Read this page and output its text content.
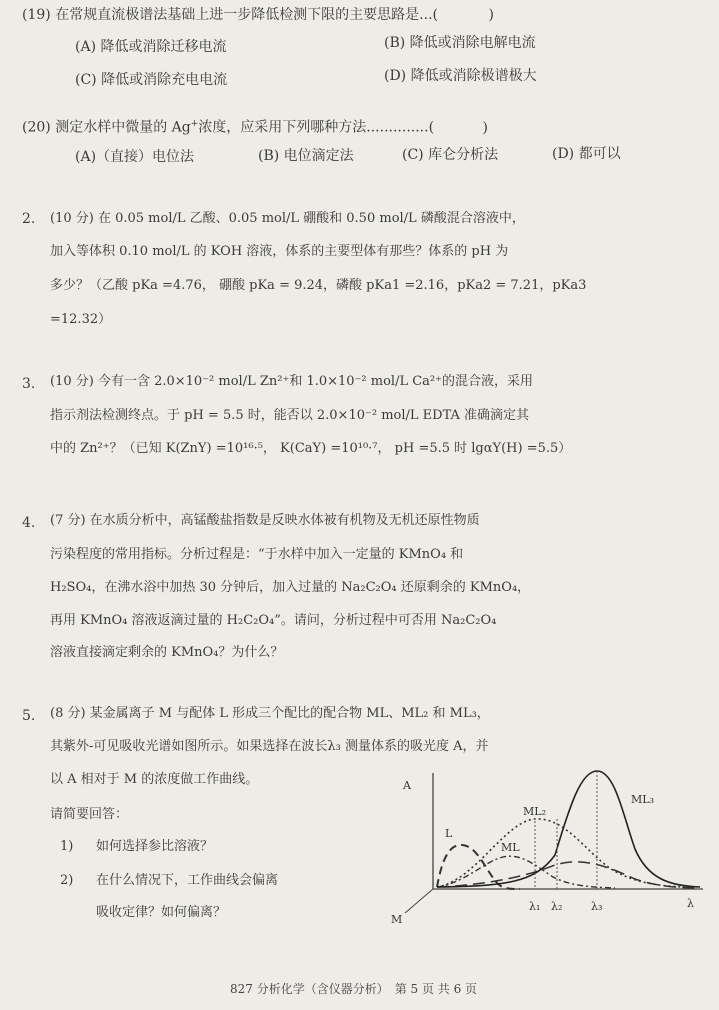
(19) 在常规直流极谱法基础上进一步降低检测下限的主要思路是...(	)
(A) 降低或消除迁移电流	(B) 降低或消除电解电流
(C) 降低或消除充电电流	(D) 降低或消除极谱极大
(20) 测定水样中微量的 Ag+浓度，应采用下列哪种方法..............(	)
(A)（直接）电位法	(B) 电位滴定法	(C) 库仑分析法	(D) 都可以
2. (10 分) 在 0.05 mol/L 乙酸、0.05 mol/L 硼酸和 0.50 mol/L 磷酸混合溶液中，
加入等体积 0.10 mol/L 的 KOH 溶液，体系的主要型体有那些？体系的 pH 为
多少？（乙酸 pKa =4.76， 硼酸 pKa = 9.24，磷酸 pKa1 =2.16，pKa2 = 7.21，pKa3
=12.32）
3. (10 分) 今有一含 2.0×10⁻² mol/L Zn²⁺和 1.0×10⁻² mol/L Ca²⁺的混合液，采用
指示剂法检测终点。于 pH = 5.5 时，能否以 2.0×10⁻² mol/L EDTA 准确滴定其
中的 Zn²⁺？（已知 K(ZnY) =10¹⁶·⁵， K(CaY) =10¹⁰·⁷， pH =5.5 时 lgαY(H) =5.5）
4. (7 分) 在水质分析中，高锰酸盐指数是反映水体被有机物及无机还原性物质
污染程度的常用指标。分析过程是：“于水样中加入一定量的 KMnO₄ 和
H₂SO₄，在沸水浴中加热 30 分钟后，加入过量的 Na₂C₂O₄ 还原剩余的 KMnO₄，
再用 KMnO₄ 溶液返滴过量的 H₂C₂O₄”。请问，分析过程中可否用 Na₂C₂O₄
溶液直接滴定剩余的 KMnO₄？为什么？
5. (8 分) 某金属离子 M 与配体 L 形成三个配比的配合物 ML、ML₂ 和 ML₃，
其紫外-可见吸收光谱如图所示。如果选择在波长λ₃ 测量体系的吸光度 A，并
以 A 相对于 M 的浓度做工作曲线。
请简要回答：
1) 如何选择参比溶液？
2) 在什么情况下，工作曲线会偏离
吸收定律？如何偏离？
A
λ
L
ML
ML₂
ML₃
M
λ₁ λ₂	λ₃
827 分析化学（含仪器分析）　第 5 页 共 6 页
